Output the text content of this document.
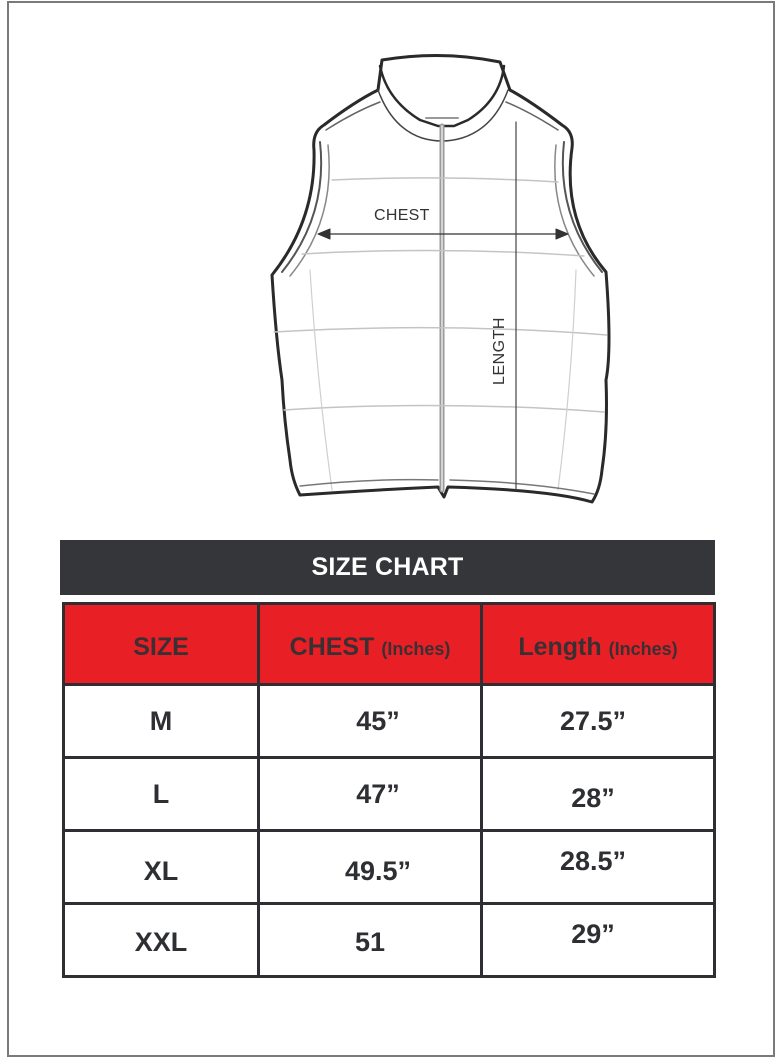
CHEST
LENGTH
SIZE CHART
SIZE	CHEST (Inches)	Length (Inches)
M	45”	27.5”
L	47”	28”
XL	49.5”	28.5”
XXL	51	29”
